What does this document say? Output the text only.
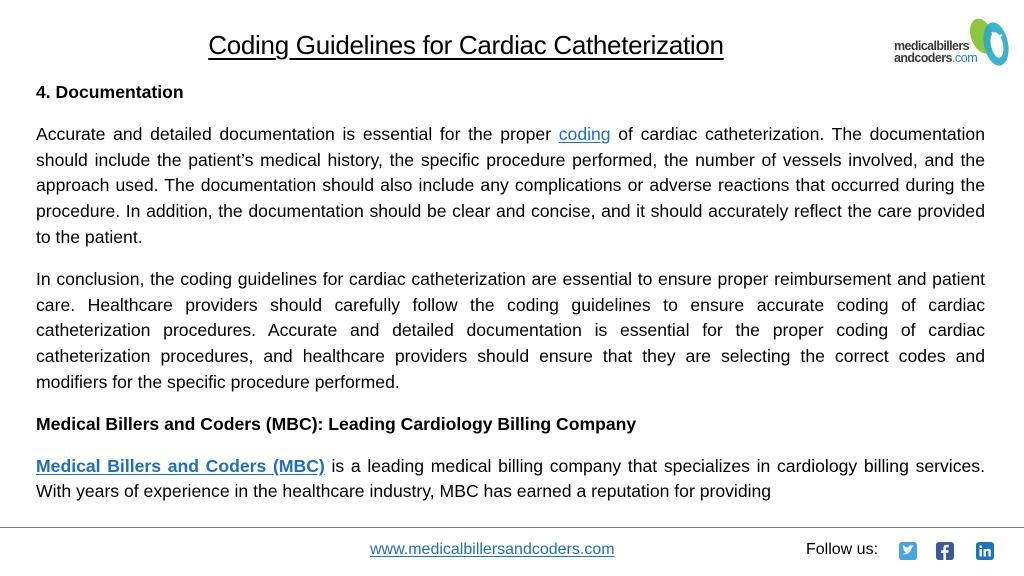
Coding Guidelines for Cardiac Catheterization	medicalbillers
andcoders.com
4. Documentation
Accurate and detailed documentation is essential for the proper coding of cardiac catheterization. The documentation should include the patient’s medical history, the specific procedure performed, the number of vessels involved, and the approach used. The documentation should also include any complications or adverse reactions that occurred during the procedure. In addition, the documentation should be clear and concise, and it should accurately reflect the care provided to the patient.
In conclusion, the coding guidelines for cardiac catheterization are essential to ensure proper reimbursement and patient care. Healthcare providers should carefully follow the coding guidelines to ensure accurate coding of cardiac catheterization procedures. Accurate and detailed documentation is essential for the proper coding of cardiac catheterization procedures, and healthcare providers should ensure that they are selecting the correct codes and modifiers for the specific procedure performed.
Medical Billers and Coders (MBC): Leading Cardiology Billing Company
Medical Billers and Coders (MBC) is a leading medical billing company that specializes in cardiology billing services. With years of experience in the healthcare industry, MBC has earned a reputation for providing
www.medicalbillersandcoders.com	Follow us:
